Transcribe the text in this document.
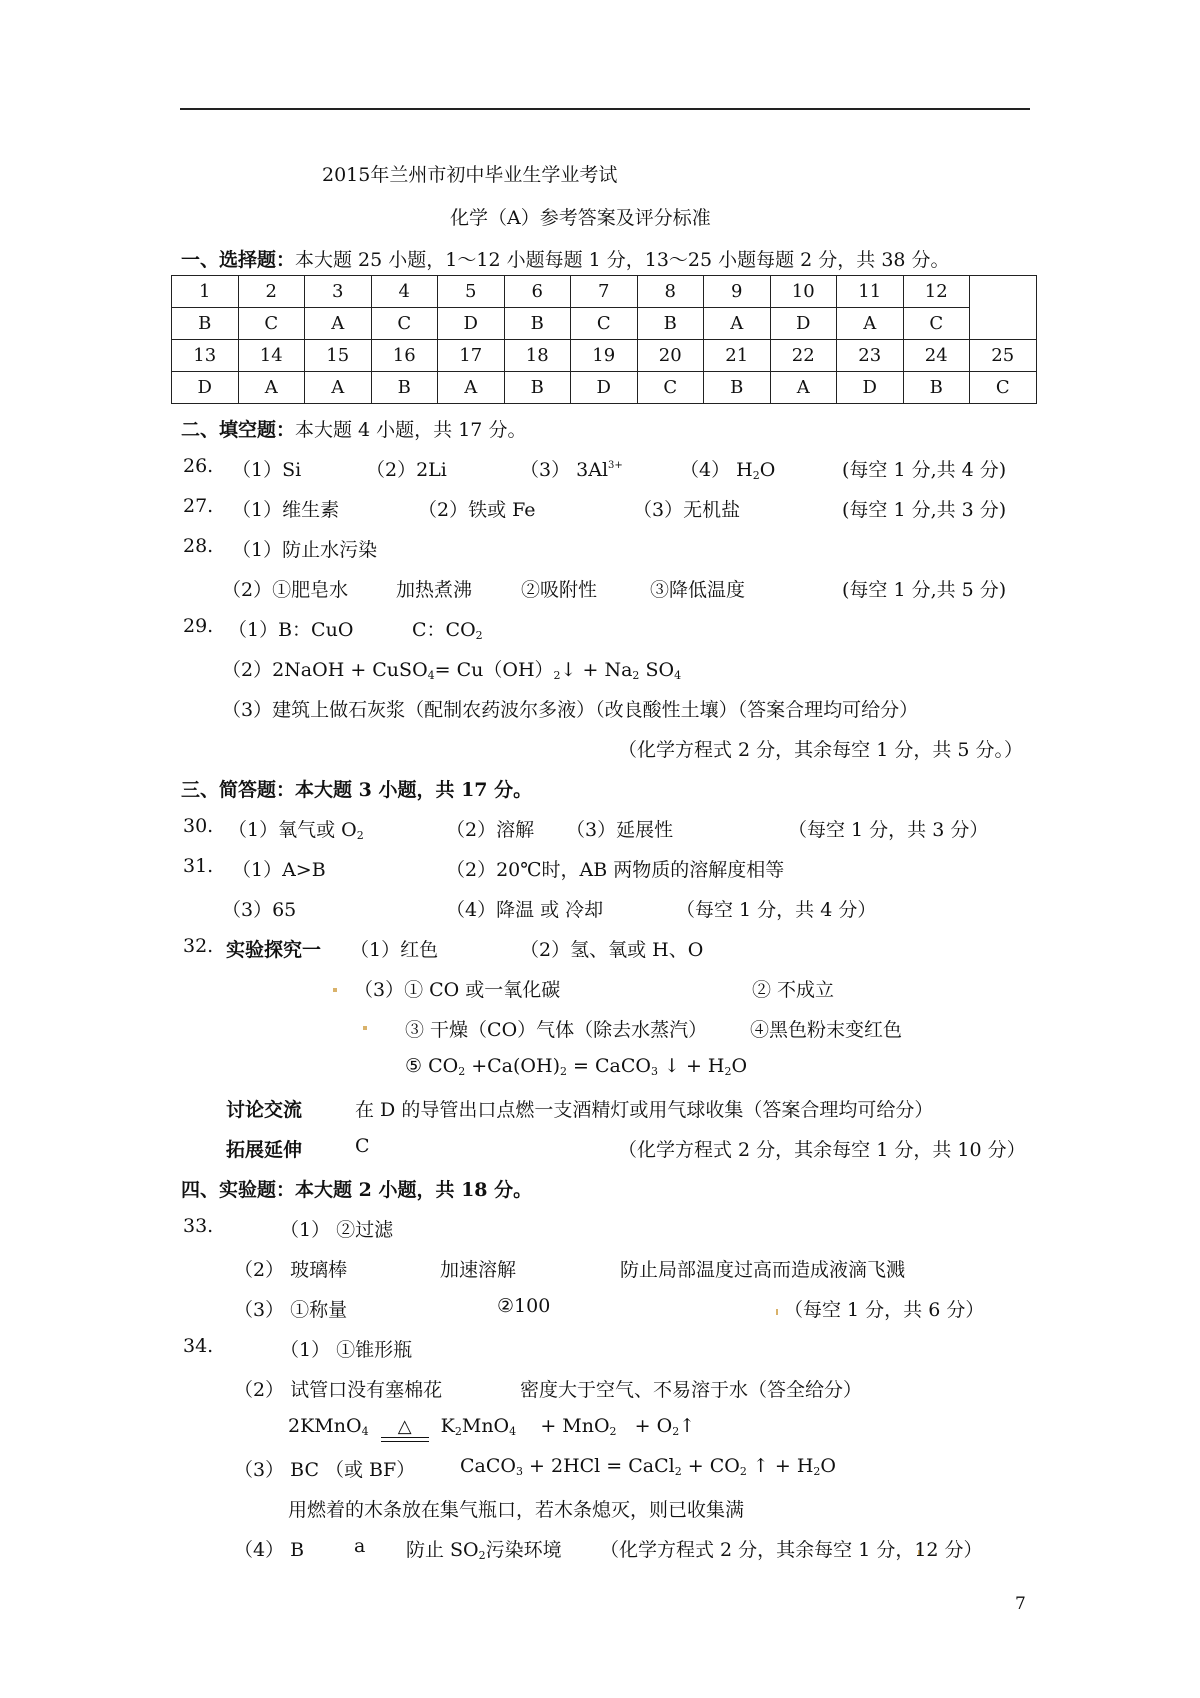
2015年兰州市初中毕业生学业考试
化学（A）参考答案及评分标准
一、选择题：本大题 25 小题，1～12 小题每题 1 分，13～25 小题每题 2 分，共 38 分。
1	2	3	4	5	6	7	8	9	10	11	12	
B	C	A	C	D	B	C	B	A	D	A	C	
13	14	15	16	17	18	19	20	21	22	23	24	25
D	A	A	B	A	B	D	C	B	A	D	B	C
二、填空题：本大题 4 小题，共 17 分。
26. （1）Si	（2）2Li	（3） $3Al^{3+}$	（4） $H_2O$	(每空 1 分,共 4 分)
27. （1）维生素	（2）铁或 Fe	（3）无机盐	(每空 1 分,共 3 分)
28. （1）防止水污染
（2）①肥皂水	加热煮沸	②吸附性	③降低温度	(每空 1 分,共 5 分)
29. （1）B：CuO	C：$CO_2$
（2）2NaOH + CuSO$_4$= $Cu(OH)_2↓ + Na_2$ $SO_4$
（3）建筑上做石灰浆（配制农药波尔多液）（改良酸性土壤）（答案合理均可给分）
（化学方程式 2 分，其余每空 1 分，共 5 分。）
三、简答题：本大题 3 小题，共 17 分。
30. （1）氧气或 $O_2$	（2）溶解 （3）延展性	（每空 1 分，共 3 分）
31. （1）A>B	（2）20℃时，AB 两物质的溶解度相等
（3）65	（4）降温 或 冷却	（每空 1 分，共 4 分）
32. 实验探究一 （1）红色	（2）氢、氧或 H、O
（3）① CO 或一氧化碳	② 不成立
③ 干燥（CO）气体（除去水蒸汽） ④黑色粉末变红色
⑤ $CO_2 +Ca(OH)_2$ = CaCO$_3$ ↓ + $H_2O$
讨论交流	在 D 的导管出口点燃一支酒精灯或用气球收集（答案合理均可给分）
拓展延伸	C	（化学方程式 2 分，其余每空 1 分，共 10 分）
四、实验题：本大题 2 小题，共 18 分。
33.	（1） ②过滤
（2） 玻璃棒	加速溶解	防止局部温度过高而造成液滴飞溅
（3） ①称量	②100	（每空 1 分，共 6 分）
34.	（1） ①锥形瓶
（2） 试管口没有塞棉花	密度大于空气、不易溶于水（答全给分）
2KMnO$_4$ △ $K_2MnO_4 + MnO_2$ + $O_2↑$
（3） BC （或 BF） CaCO$_3$ + 2HCl = CaCl$_2$ + $CO_2$ ↑ + $H_2O$
用燃着的木条放在集气瓶口，若木条熄灭，则已收集满
（4） B	a 防止 $SO_2$污染环境 （化学方程式 2 分，其余每空 1 分，12 分）
7
